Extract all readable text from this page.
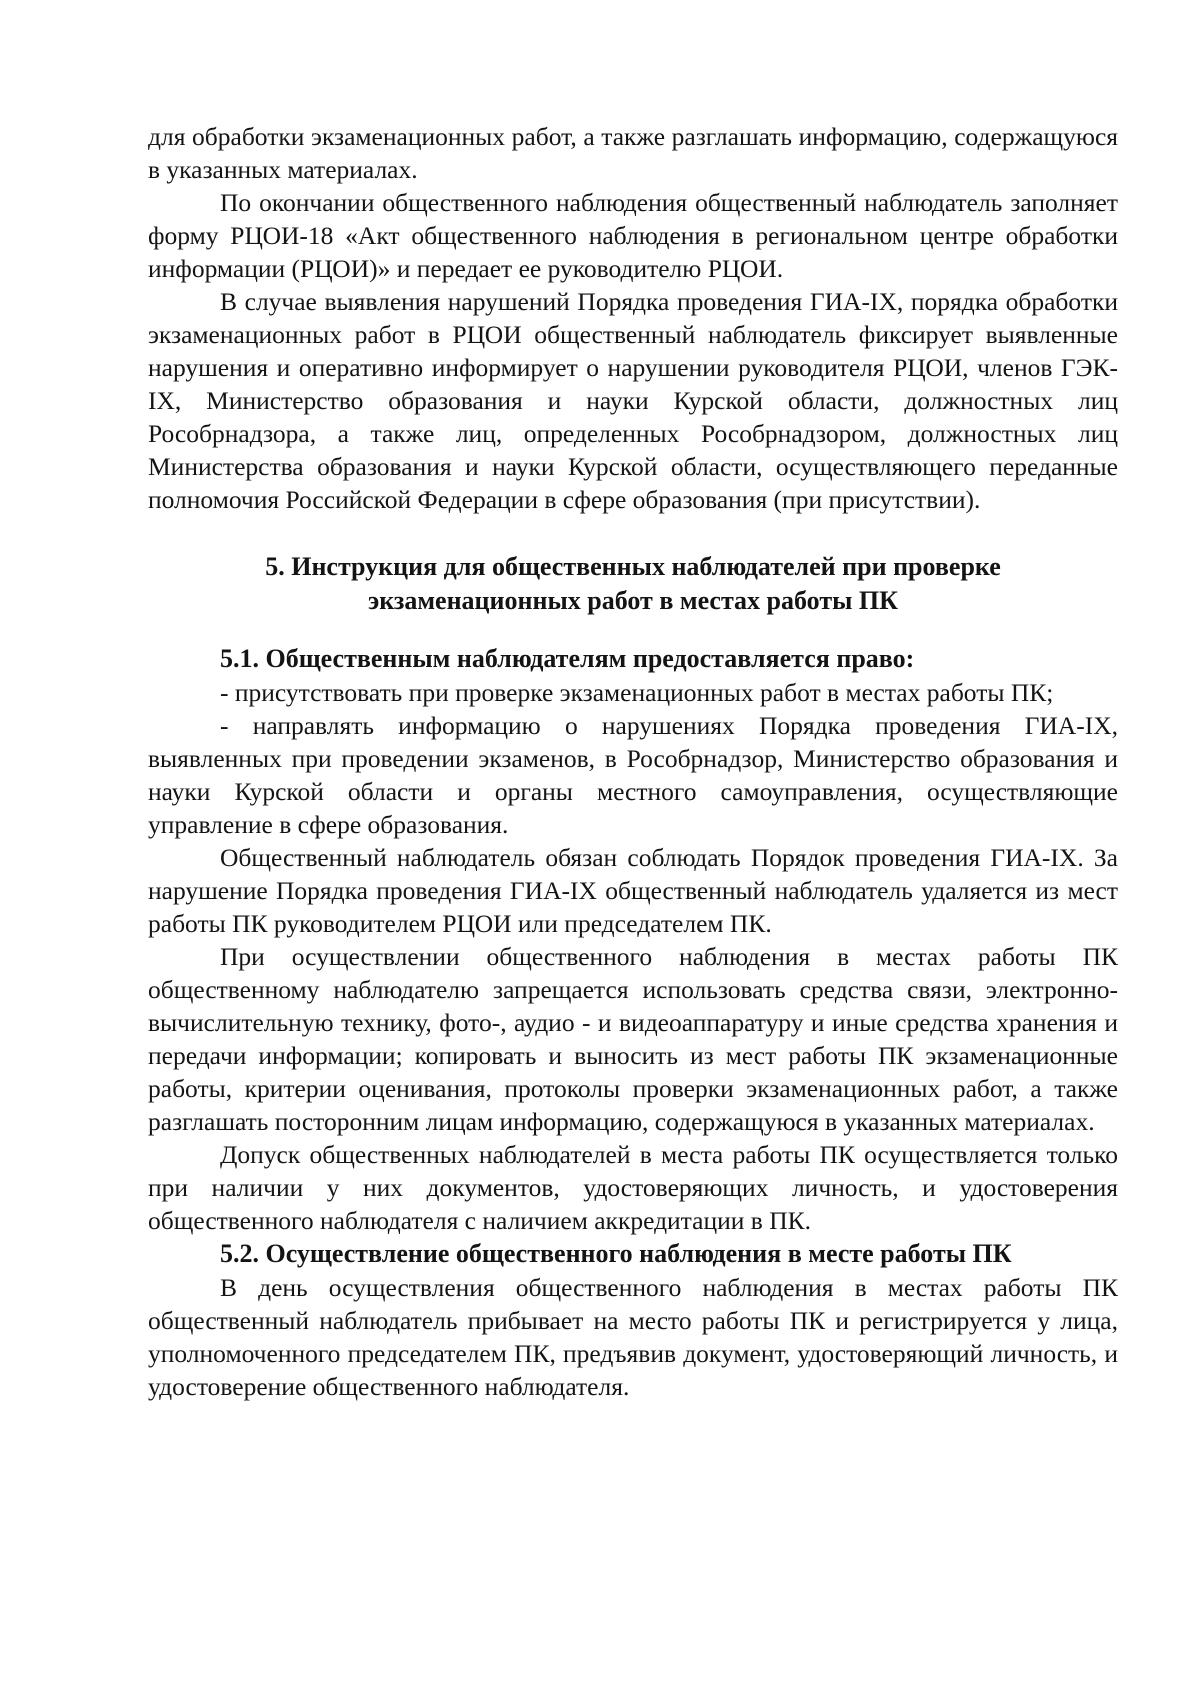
для обработки экзаменационных работ, а также разглашать информацию, содержащуюся в указанных материалах.

По окончании общественного наблюдения общественный наблюдатель заполняет форму РЦОИ-18 «Акт общественного наблюдения в региональном центре обработки информации (РЦОИ)» и передает ее руководителю РЦОИ.

В случае выявления нарушений Порядка проведения ГИА-IX, порядка обработки экзаменационных работ в РЦОИ общественный наблюдатель фиксирует выявленные нарушения и оперативно информирует о нарушении руководителя РЦОИ, членов ГЭК-IX, Министерство образования и науки Курской области, должностных лиц Рособрнадзора, а также лиц, определенных Рособрнадзором, должностных лиц Министерства образования и науки Курской области, осуществляющего переданные полномочия Российской Федерации в сфере образования (при присутствии).

5. Инструкция для общественных наблюдателей при проверке

экзаменационных работ в местах работы ПК

5.1. Общественным наблюдателям предоставляется право:

- присутствовать при проверке экзаменационных работ в местах работы ПК;

- направлять информацию о нарушениях Порядка проведения ГИА-IX, выявленных при проведении экзаменов, в Рособрнадзор, Министерство образования и науки Курской области и органы местного самоуправления, осуществляющие управление в сфере образования.

Общественный наблюдатель обязан соблюдать Порядок проведения ГИА-IX. За нарушение Порядка проведения ГИА-IX общественный наблюдатель удаляется из мест работы ПК руководителем РЦОИ или председателем ПК.

При осуществлении общественного наблюдения в местах работы ПК общественному наблюдателю запрещается использовать средства связи, электронно-вычислительную технику, фото-, аудио - и видеоаппаратуру и иные средства хранения и передачи информации; копировать и выносить из мест работы ПК экзаменационные работы, критерии оценивания, протоколы проверки экзаменационных работ, а также разглашать посторонним лицам информацию, содержащуюся в указанных материалах.

Допуск общественных наблюдателей в места работы ПК осуществляется только при наличии у них документов, удостоверяющих личность, и удостоверения общественного наблюдателя с наличием аккредитации в ПК.

5.2. Осуществление общественного наблюдения в месте работы ПК

В день осуществления общественного наблюдения в местах работы ПК общественный наблюдатель прибывает на место работы ПК и регистрируется у лица, уполномоченного председателем ПК, предъявив документ, удостоверяющий личность, и удостоверение общественного наблюдателя.
